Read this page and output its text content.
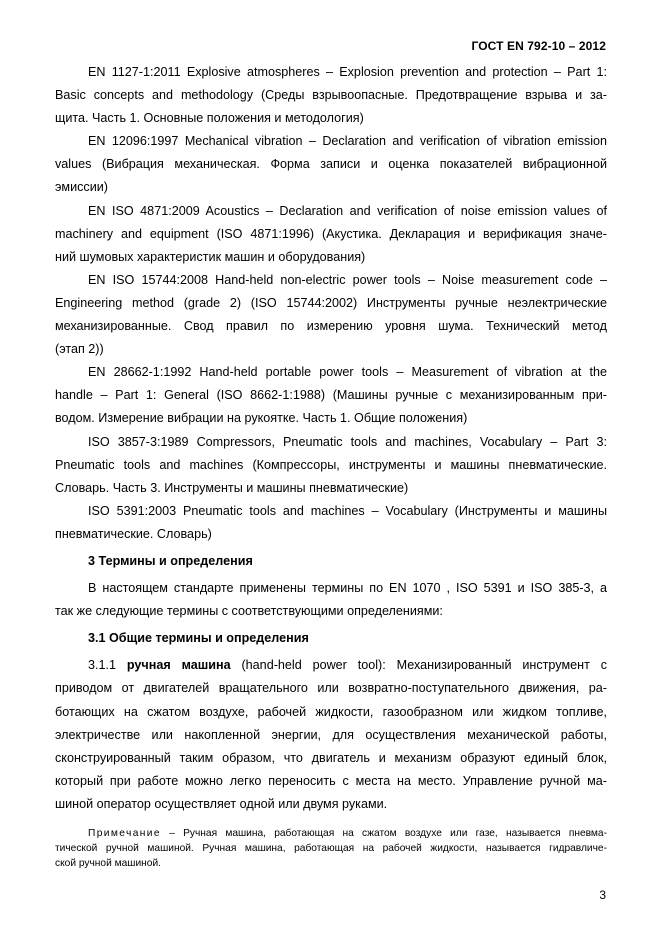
ГОСТ EN 792-10 – 2012
EN 1127-1:2011 Explosive atmospheres – Explosion prevention and protection – Part 1:
Basic concepts and methodology (Среды взрывоопасные. Предотвращение взрыва и за-
щита. Часть 1. Основные положения и методология)
EN 12096:1997 Mechanical vibration – Declaration and verification of vibration emission
values (Вибрация механическая. Форма записи и оценка показателей вибрационной
эмиссии)
EN ISO 4871:2009 Acoustics – Declaration and verification of noise emission values of
machinery and equipment (ISO 4871:1996) (Акустика. Декларация и верификация значе-
ний шумовых характеристик машин и оборудования)
EN ISO 15744:2008 Hand-held non-electric power tools – Noise measurement code –
Engineering method (grade 2) (ISO 15744:2002) Инструменты ручные неэлектрические
механизированные. Свод правил по измерению уровня шума. Технический метод
(этап 2))
EN 28662-1:1992 Hand-held portable power tools – Measurement of vibration at the
handle – Part 1: General (ISO 8662-1:1988) (Машины ручные с механизированным при-
водом. Измерение вибрации на рукоятке. Часть 1. Общие положения)
ISO 3857-3:1989 Compressors, Pneumatic tools and machines, Vocabulary – Part 3:
Pneumatic tools and machines (Компрессоры, инструменты и машины пневматические.
Словарь. Часть 3. Инструменты и машины пневматические)
ISO 5391:2003 Pneumatic tools and machines – Vocabulary (Инструменты и машины
пневматические. Словарь)

3 Термины и определения

В настоящем стандарте применены термины по EN 1070 , ISO 5391 и ISO 385-3, а
так же следующие термины с соответствующими определениями:

3.1 Общие термины и определения

3.1.1 ручная машина (hand-held power tool): Механизированный инструмент с
приводом от двигателей вращательного или возвратно-поступательного движения, ра-
ботающих на сжатом воздухе, рабочей жидкости, газообразном или жидком топливе,
электричестве или накопленной энергии, для осуществления механической работы,
сконструированный таким образом, что двигатель и механизм образуют единый блок,
который при работе можно легко переносить с места на место. Управление ручной ма-
шиной оператор осуществляет одной или двумя руками.
Примечание – Ручная машина, работающая на сжатом воздухе или газе, называется пневма-
тической ручной машиной. Ручная машина, работающая на рабочей жидкости, называется гидравличе-
ской ручной машиной.
3
